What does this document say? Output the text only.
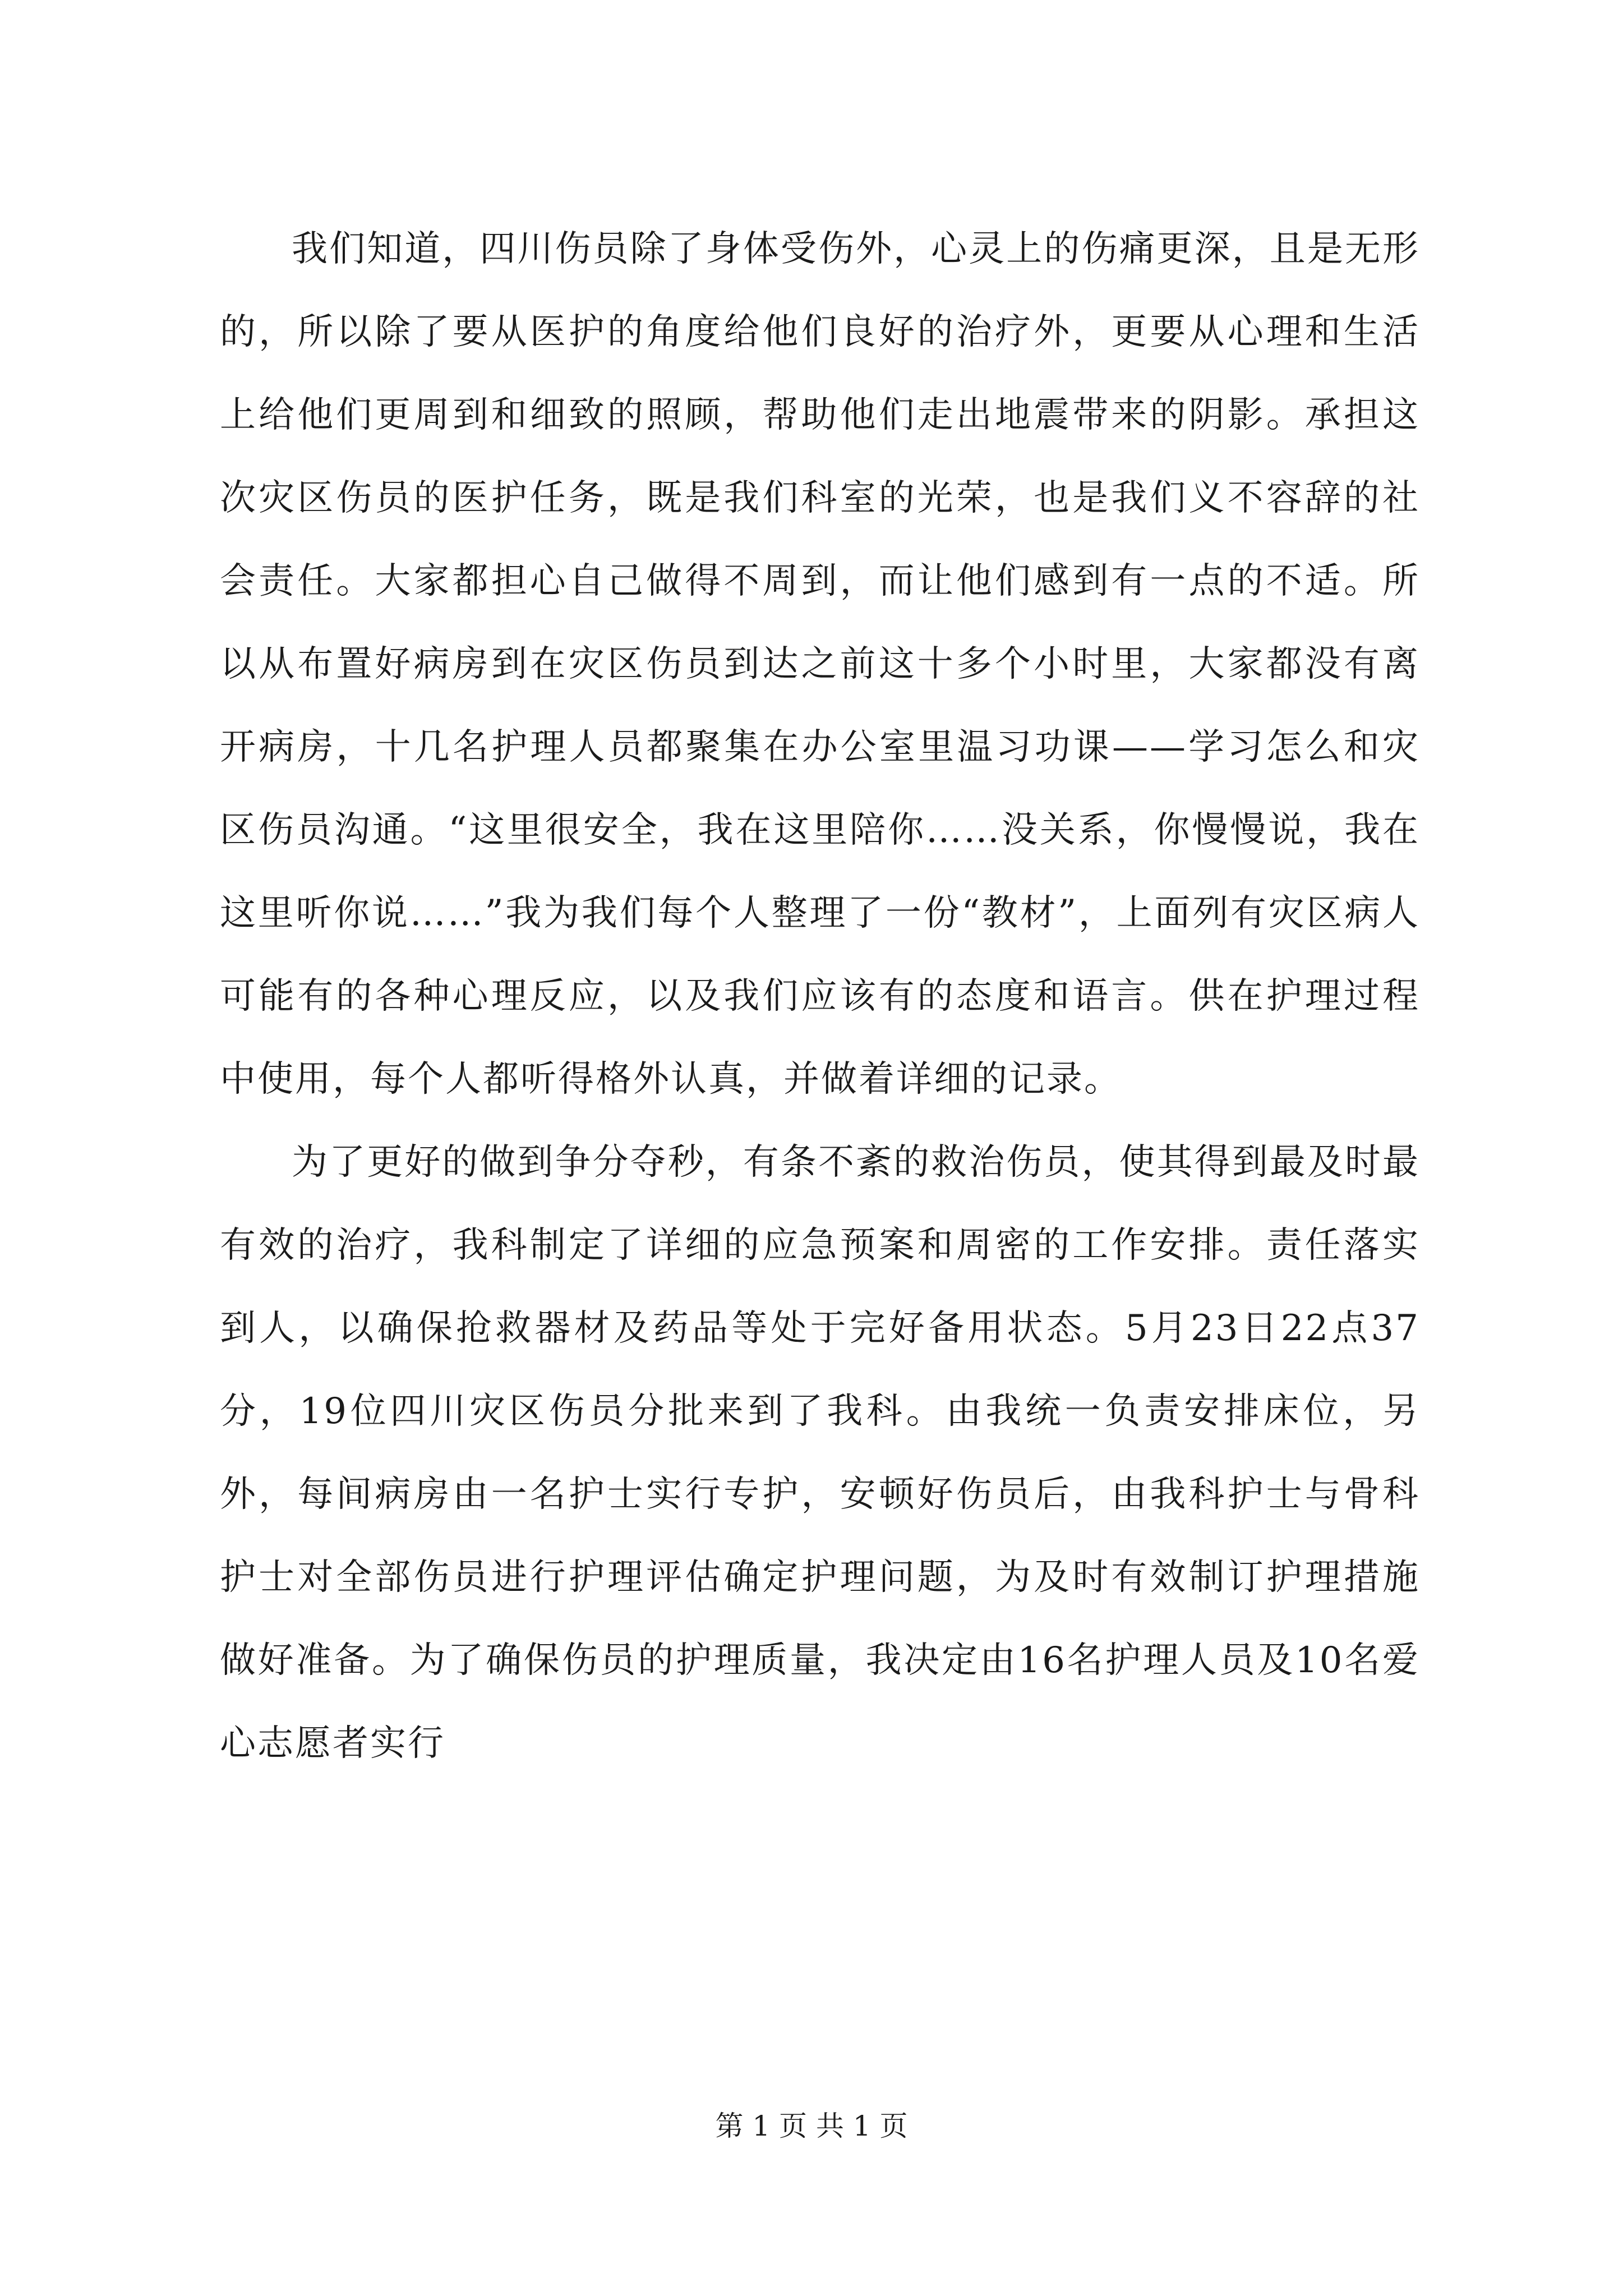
我们知道，四川伤员除了身体受伤外，心灵上的伤痛更深，且是无形的，所以除了要从医护的角度给他们良好的治疗外，更要从心理和生活上给他们更周到和细致的照顾，帮助他们走出地震带来的阴影。承担这次灾区伤员的医护任务，既是我们科室的光荣，也是我们义不容辞的社会责任。大家都担心自己做得不周到，而让他们感到有一点的不适。所以从布置好病房到在灾区伤员到达之前这十多个小时里，大家都没有离开病房，十几名护理人员都聚集在办公室里温习功课——学习怎么和灾区伤员沟通。“这里很安全，我在这里陪你……没关系，你慢慢说，我在这里听你说……”我为我们每个人整理了一份“教材”，上面列有灾区病人可能有的各种心理反应，以及我们应该有的态度和语言。供在护理过程中使用，每个人都听得格外认真，并做着详细的记录。

为了更好的做到争分夺秒，有条不紊的救治伤员，使其得到最及时最有效的治疗，我科制定了详细的应急预案和周密的工作安排。责任落实到人，以确保抢救器材及药品等处于完好备用状态。5月23日22点37分，19位四川灾区伤员分批来到了我科。由我统一负责安排床位，另外，每间病房由一名护士实行专护，安顿好伤员后，由我科护士与骨科护士对全部伤员进行护理评估确定护理问题，为及时有效制订护理措施做好准备。为了确保伤员的护理质量，我决定由16名护理人员及10名爱心志愿者实行

第 1 页 共 1 页
